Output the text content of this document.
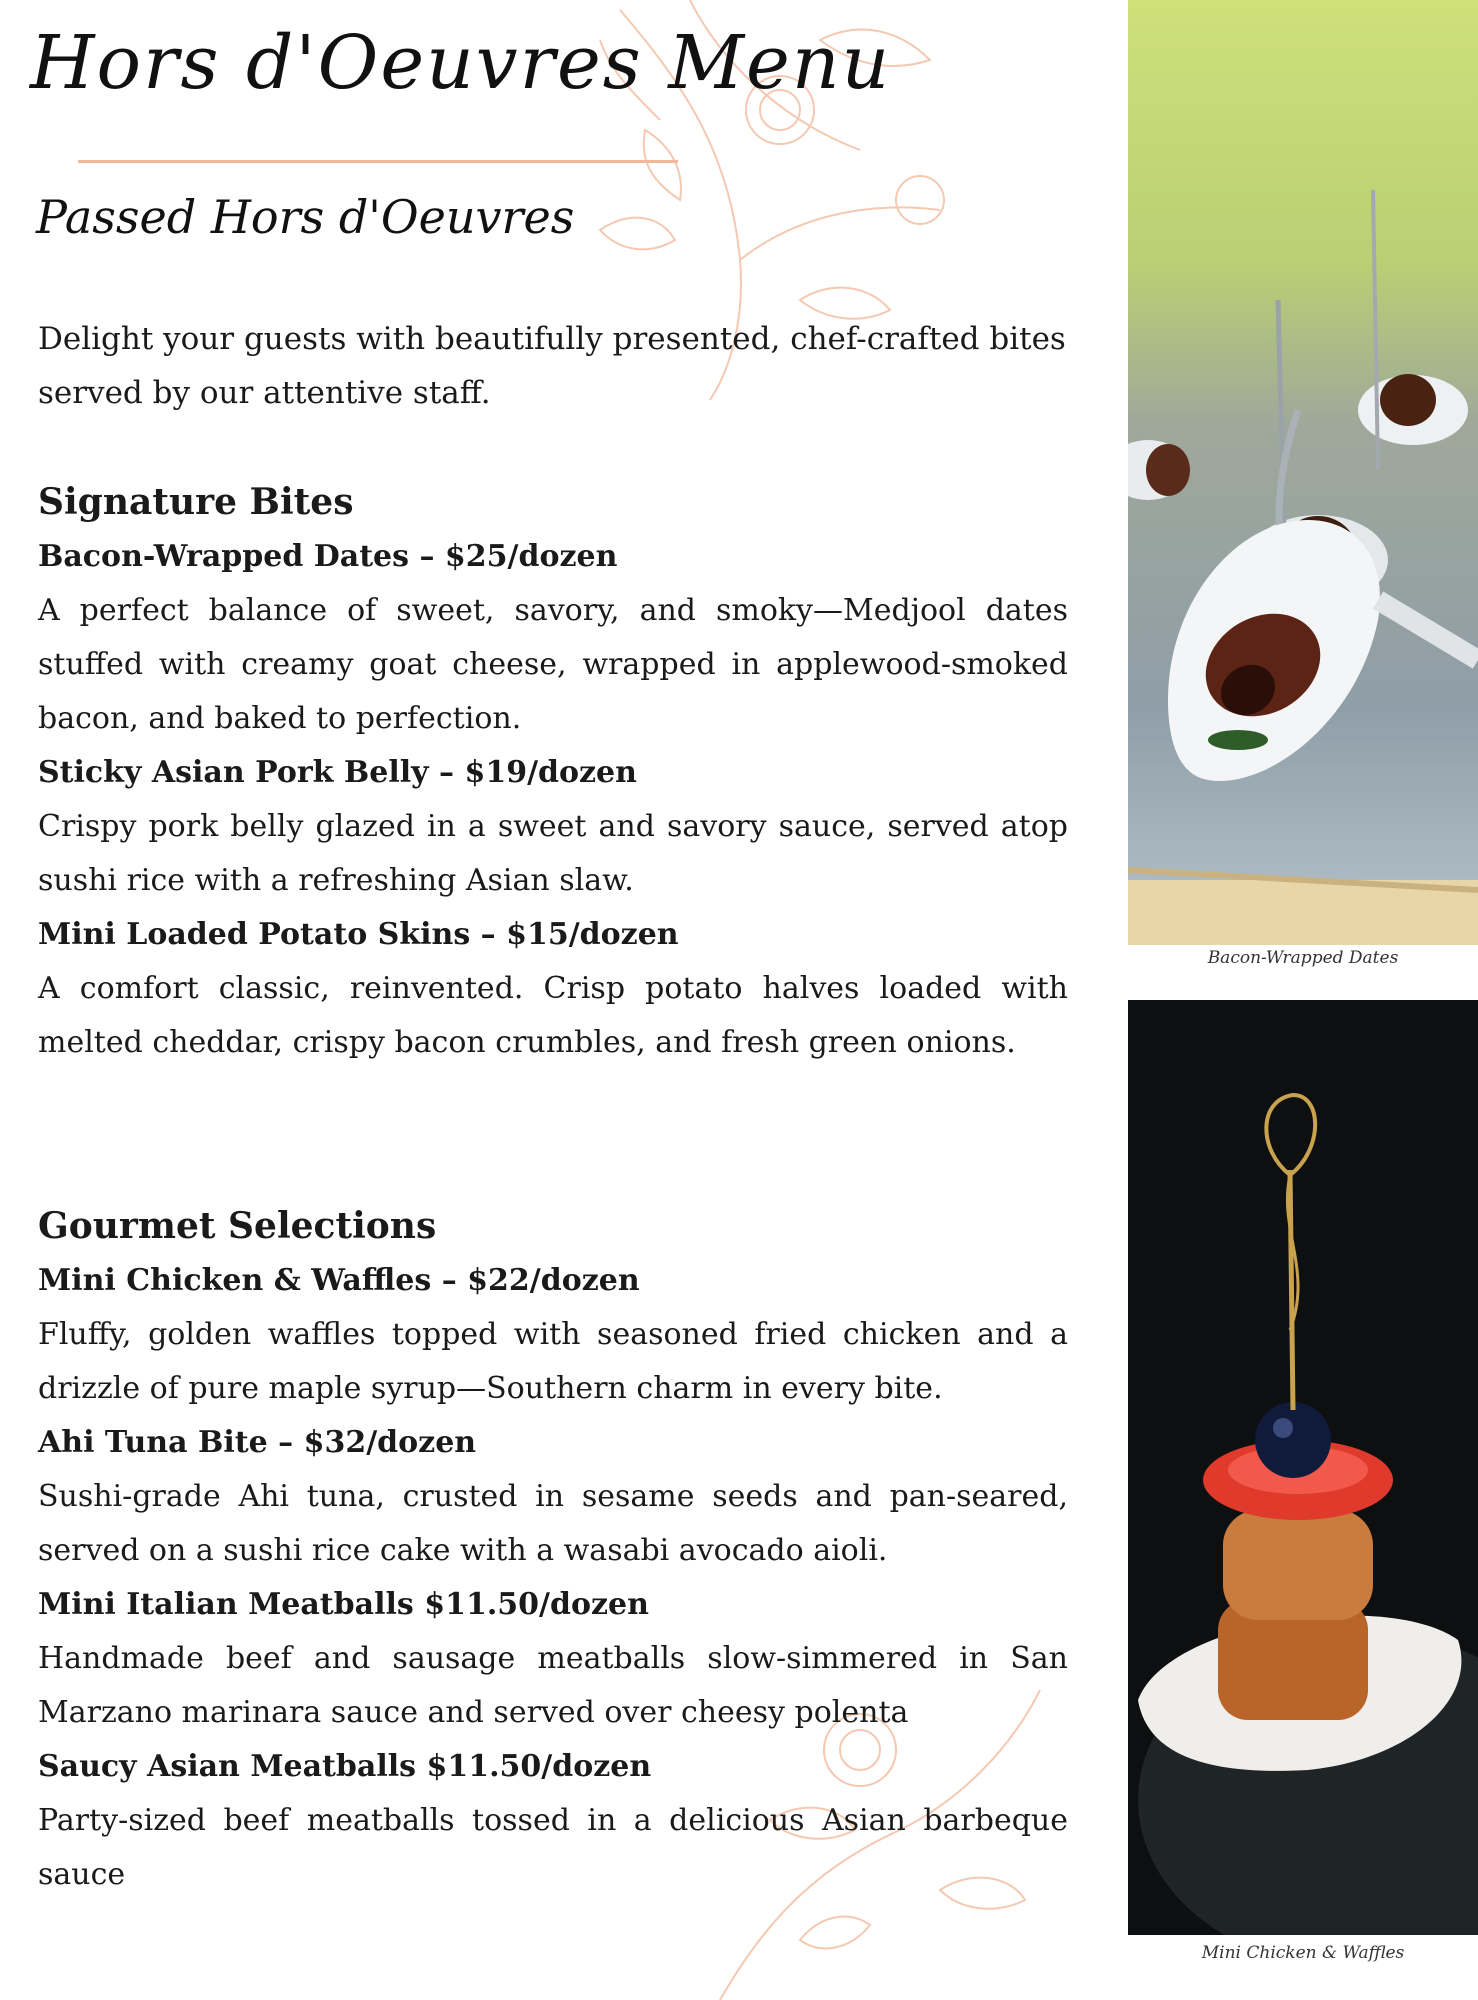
Hors d'Oeuvres Menu
Passed Hors d'Oeuvres

Delight your guests with beautifully presented, chef-crafted bites served by our attentive staff.

Signature Bites

Bacon-Wrapped Dates – $25/dozen

A perfect balance of sweet, savory, and smoky—Medjool dates stuffed with creamy goat cheese, wrapped in applewood-smoked bacon, and baked to perfection.

Sticky Asian Pork Belly – $19/dozen

Crispy pork belly glazed in a sweet and savory sauce, served atop sushi rice with a refreshing Asian slaw.

Mini Loaded Potato Skins – $15/dozen

A comfort classic, reinvented. Crisp potato halves loaded with melted cheddar, crispy bacon crumbles, and fresh green onions.

Gourmet Selections

Mini Chicken & Waffles – $22/dozen

Fluffy, golden waffles topped with seasoned fried chicken and a drizzle of pure maple syrup—Southern charm in every bite.

Ahi Tuna Bite – $32/dozen

Sushi-grade Ahi tuna, crusted in sesame seeds and pan-seared, served on a sushi rice cake with a wasabi avocado aioli.

Mini Italian Meatballs $11.50/dozen

Handmade beef and sausage meatballs slow-simmered in San Marzano marinara sauce and served over cheesy polenta

Saucy Asian Meatballs $11.50/dozen

Party-sized beef meatballs tossed in a delicious Asian barbeque sauce

Bacon-Wrapped Dates
Mini Chicken & Waffles
